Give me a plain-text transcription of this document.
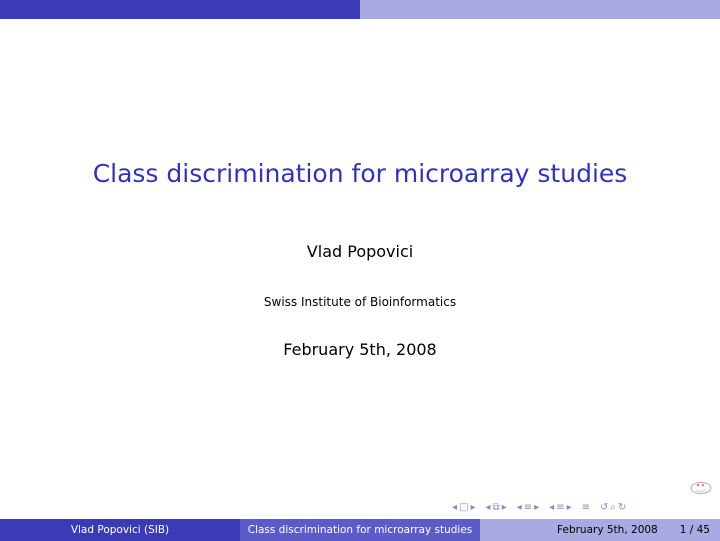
Class discrimination for microarray studies
Vlad Popovici
Swiss Institute of Bioinformatics
February 5th, 2008
◂ □ ▸ ◂ ⧉ ▸ ◂ ≡ ▸ ◂ ≡ ▸ ≡ ↺ ⌕ ↻
Vlad Popovici (SIB)	Class discrimination for microarray studies	February 5th, 2008 1 / 45
